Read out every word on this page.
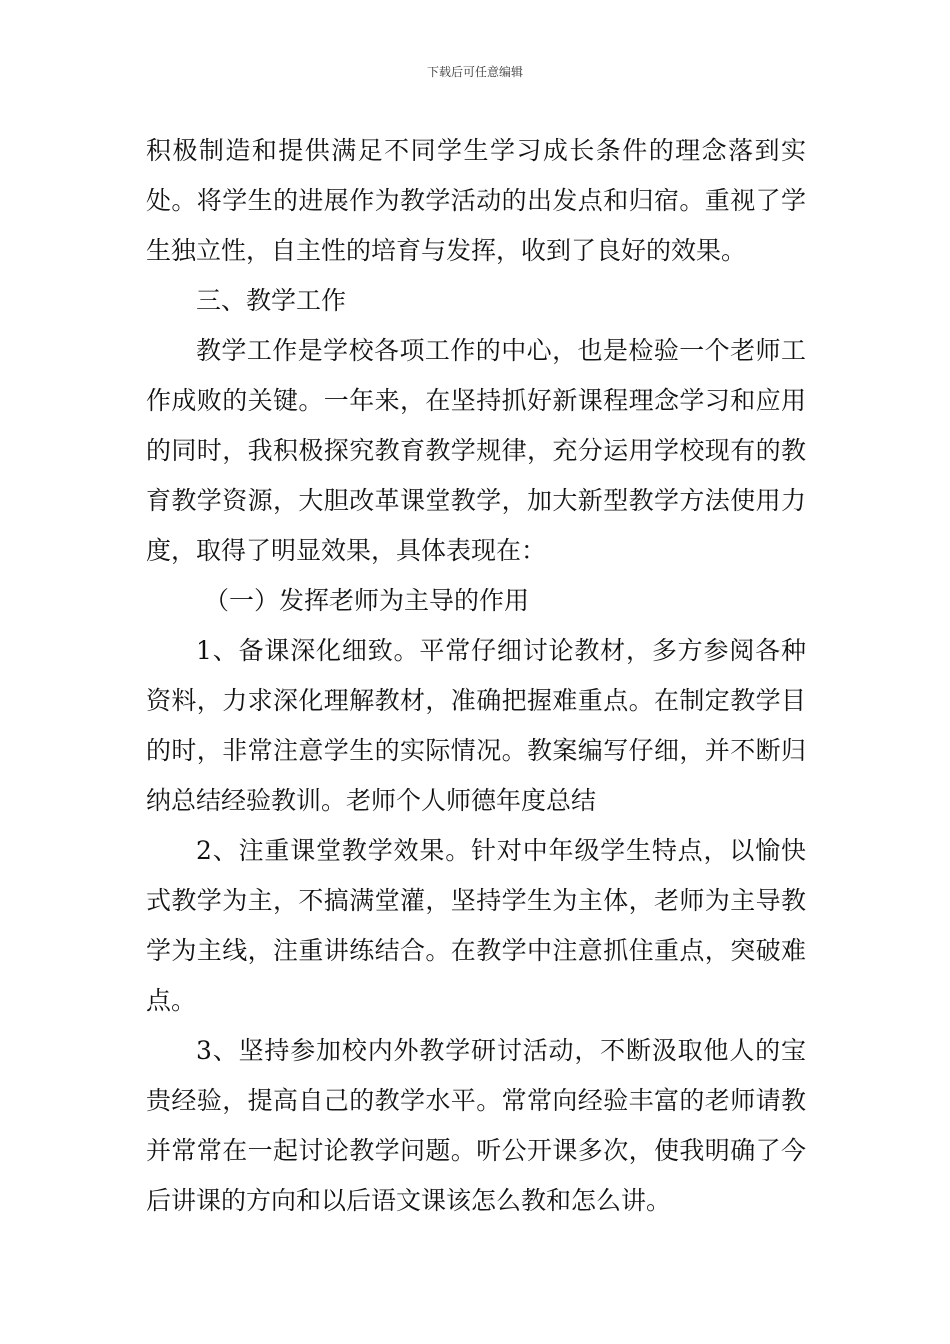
下载后可任意编辑

积极制造和提供满足不同学生学习成长条件的理念落到实处。将学生的进展作为教学活动的出发点和归宿。重视了学生独立性，自主性的培育与发挥，收到了良好的效果。

三、教学工作

教学工作是学校各项工作的中心，也是检验一个老师工作成败的关键。一年来，在坚持抓好新课程理念学习和应用的同时，我积极探究教育教学规律，充分运用学校现有的教育教学资源，大胆改革课堂教学，加大新型教学方法使用力度，取得了明显效果，具体表现在：

（一）发挥老师为主导的作用

1、备课深化细致。平常仔细讨论教材，多方参阅各种资料，力求深化理解教材，准确把握难重点。在制定教学目的时，非常注意学生的实际情况。教案编写仔细，并不断归纳总结经验教训。老师个人师德年度总结

2、注重课堂教学效果。针对中年级学生特点，以愉快式教学为主，不搞满堂灌，坚持学生为主体，老师为主导教学为主线，注重讲练结合。在教学中注意抓住重点，突破难点。

3、坚持参加校内外教学研讨活动，不断汲取他人的宝贵经验，提高自己的教学水平。常常向经验丰富的老师请教并常常在一起讨论教学问题。听公开课多次，使我明确了今后讲课的方向和以后语文课该怎么教和怎么讲。
